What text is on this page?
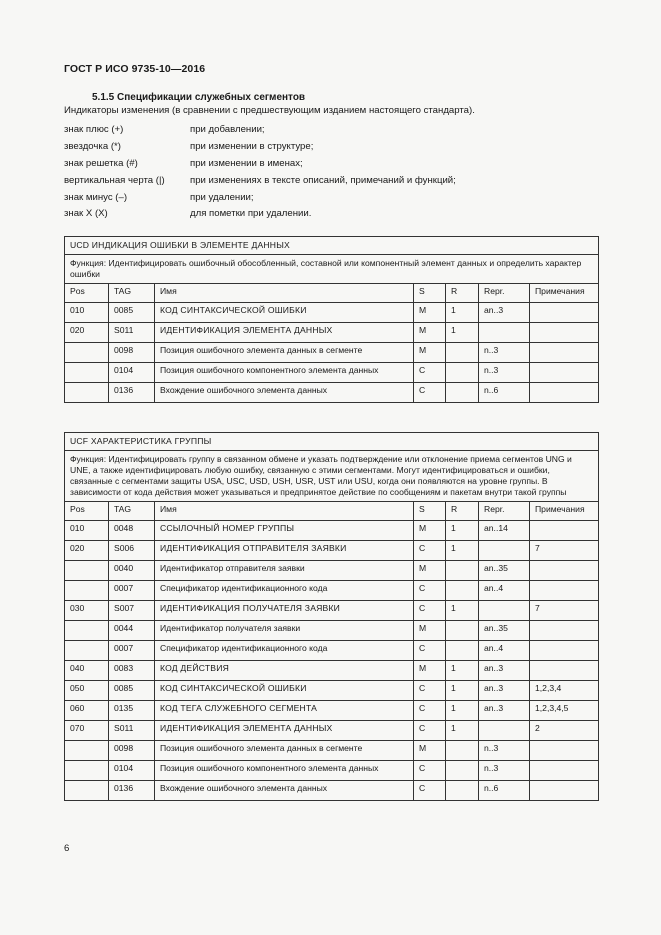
ГОСТ Р ИСО 9735-10—2016
5.1.5 Спецификации служебных сегментов
Индикаторы изменения (в сравнении с предшествующим изданием настоящего стандарта).
знак плюс (+)	при добавлении;
звездочка (*)	при изменении в структуре;
знак решетка (#)	при изменении в именах;
вертикальная черта (|)	при изменениях в тексте описаний, примечаний и функций;
знак минус (–)	при удалении;
знак Х (Х)	для пометки при удалении.
UCD ИНДИКАЦИЯ ОШИБКИ В ЭЛЕМЕНТЕ ДАННЫХ						
Функция: Идентифицировать ошибочный обособленный, составной или компонентный элемент данных и определить характер ошибки						
Pos	TAG	Имя	S	R	Repr.	Примечания
010	0085	КОД СИНТАКСИЧЕСКОЙ ОШИБКИ	M	1	an..3	
020	S011	ИДЕНТИФИКАЦИЯ ЭЛЕМЕНТА ДАННЫХ	M	1		
	0098	Позиция ошибочного элемента данных в сегменте	M		n..3	
	0104	Позиция ошибочного компонентного элемента данных	C		n..3	
	0136	Вхождение ошибочного элемента данных	C		n..6	
UCF ХАРАКТЕРИСТИКА ГРУППЫ						
Функция: Идентифицировать группу в связанном обмене и указать подтверждение или отклонение приема сегментов UNG и UNE, а также идентифицировать любую ошибку, связанную с этими сегментами. Могут идентифицироваться и ошибки, связанные с сегментами защиты USA, USC, USD, USH, USR, UST или USU, когда они появляются на уровне группы. В зависимости от кода действия может указываться и предпринятое действие по сообщениям и пакетам внутри такой группы						
Pos	TAG	Имя	S	R	Repr.	Примечания
010	0048	ССЫЛОЧНЫЙ НОМЕР ГРУППЫ	M	1	an..14	
020	S006	ИДЕНТИФИКАЦИЯ ОТПРАВИТЕЛЯ ЗАЯВКИ	C	1		7
	0040	Идентификатор отправителя заявки	M		an..35	
	0007	Спецификатор идентификационного кода	C		an..4	
030	S007	ИДЕНТИФИКАЦИЯ ПОЛУЧАТЕЛЯ ЗАЯВКИ	C	1		7
	0044	Идентификатор получателя заявки	M		an..35	
	0007	Спецификатор идентификационного кода	C		an..4	
040	0083	КОД ДЕЙСТВИЯ	M	1	an..3	
050	0085	КОД СИНТАКСИЧЕСКОЙ ОШИБКИ	C	1	an..3	1,2,3,4
060	0135	КОД ТЕГА СЛУЖЕБНОГО СЕГМЕНТА	C	1	an..3	1,2,3,4,5
070	S011	ИДЕНТИФИКАЦИЯ ЭЛЕМЕНТА ДАННЫХ	C	1		2
	0098	Позиция ошибочного элемента данных в сегменте	M		n..3	
	0104	Позиция ошибочного компонентного элемента данных	C		n..3	
	0136	Вхождение ошибочного элемента данных	C		n..6	
6
